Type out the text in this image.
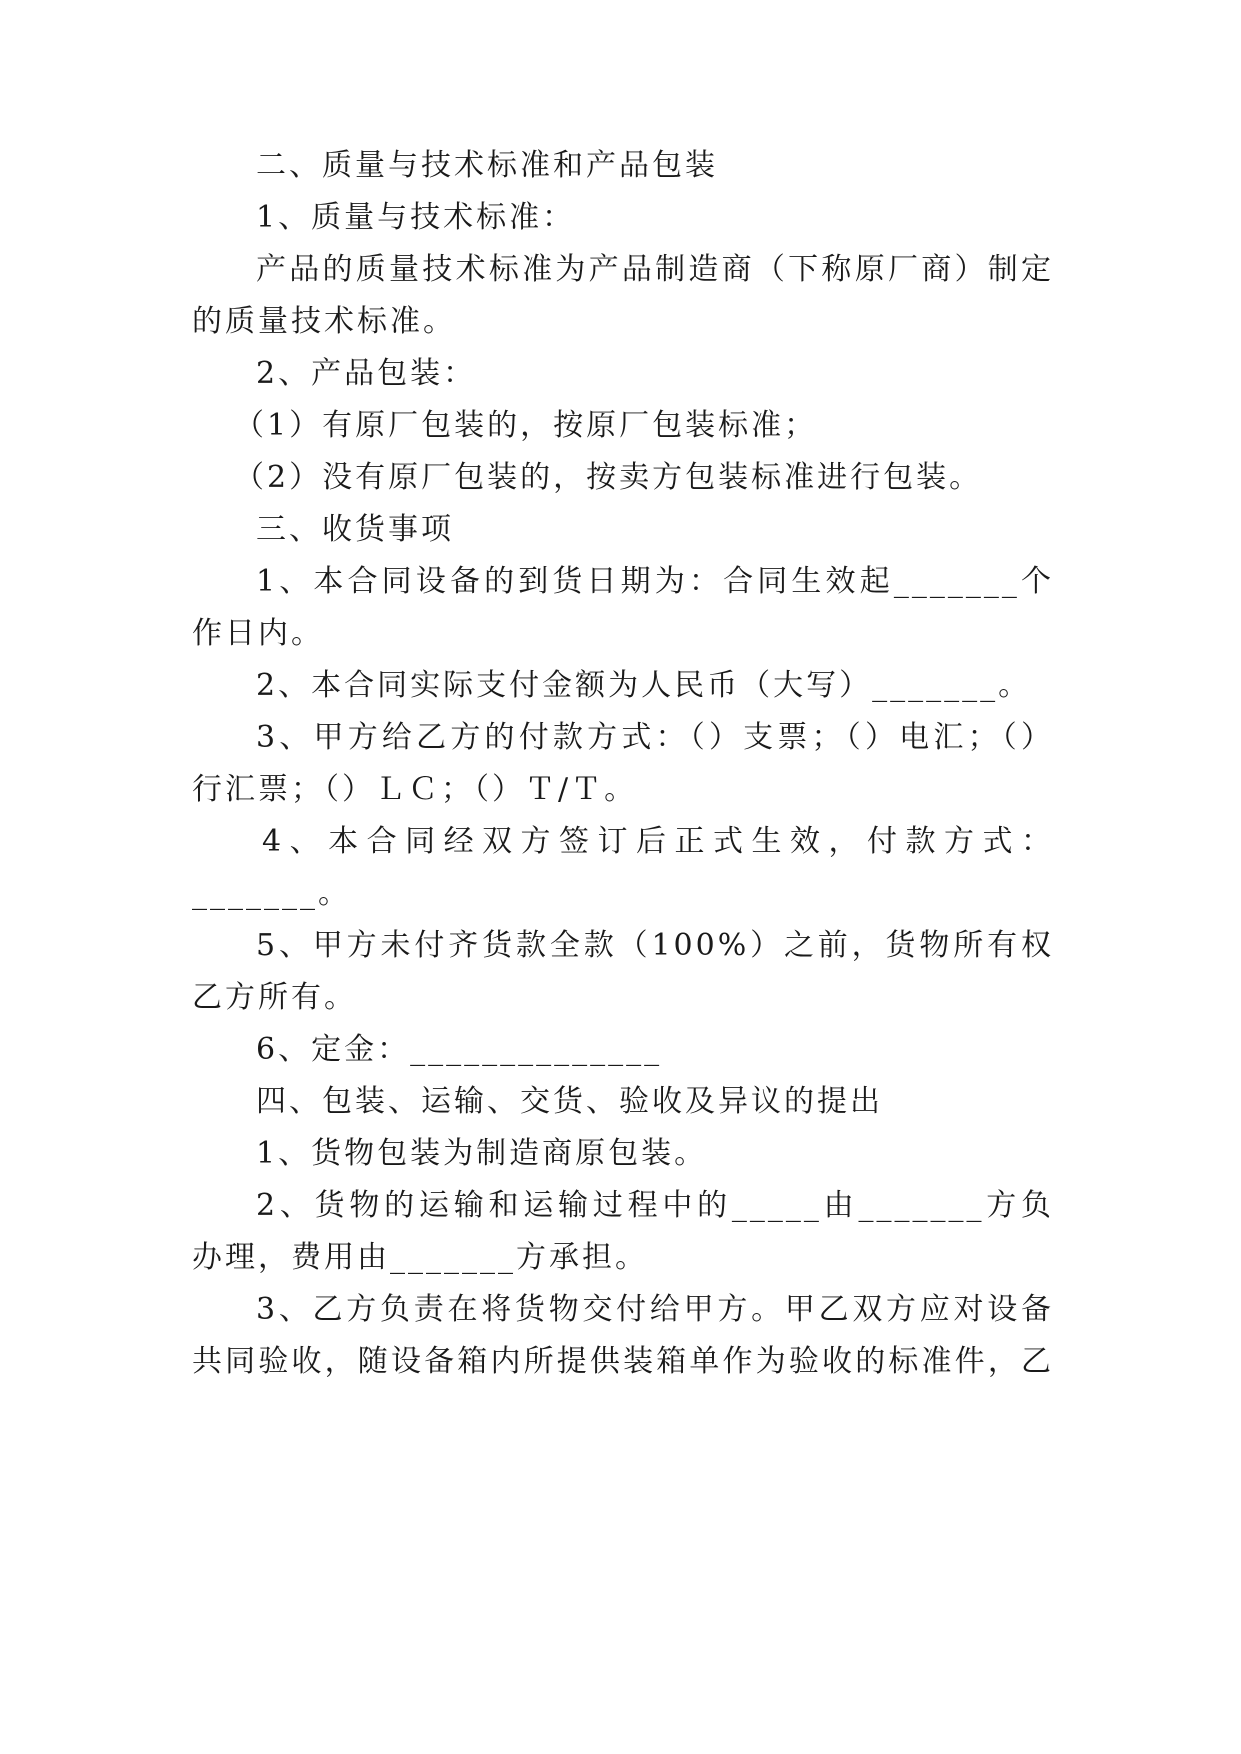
二、质量与技术标准和产品包装
1、质量与技术标准：
产品的质量技术标准为产品制造商（下称原厂商）制定
的质量技术标准。
2、产品包装：
（1）有原厂包装的，按原厂包装标准；
（2）没有原厂包装的，按卖方包装标准进行包装。
三、收货事项
1、本合同设备的到货日期为：合同生效起_______个
作日内。
2、本合同实际支付金额为人民币（大写）_______。
3、甲方给乙方的付款方式：（）支票；（）电汇；（）
行汇票；（）ＬＣ；（）Ｔ/Ｔ。
4、本合同经双方签订后正式生效，付款方式：
_______。
5、甲方未付齐货款全款（100%）之前，货物所有权
乙方所有。
6、定金：______________
四、包装、运输、交货、验收及异议的提出
1、货物包装为制造商原包装。
2、货物的运输和运输过程中的_____由_______方负
办理，费用由_______方承担。
3、乙方负责在将货物交付给甲方。甲乙双方应对设备
共同验收，随设备箱内所提供装箱单作为验收的标准件，乙
